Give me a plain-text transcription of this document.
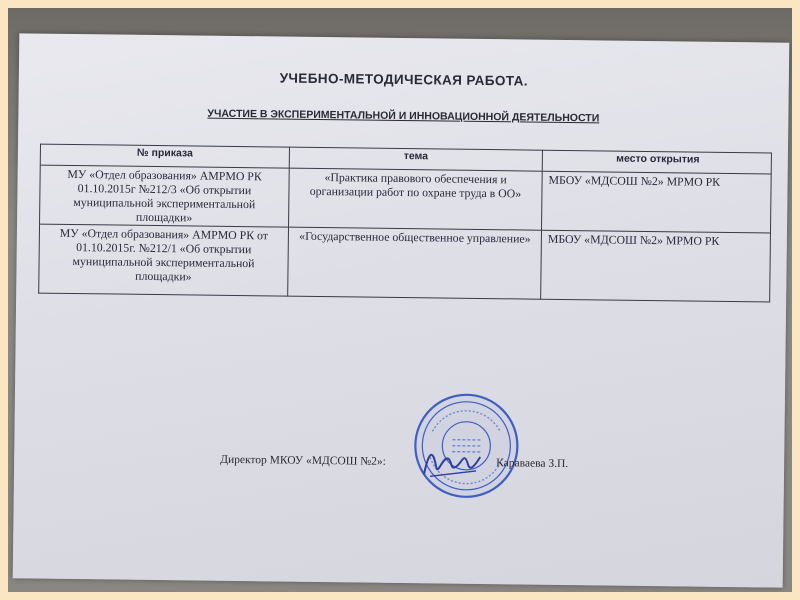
УЧЕБНО-МЕТОДИЧЕСКАЯ РАБОТА.
УЧАСТИЕ В ЭКСПЕРИМЕНТАЛЬНОЙ И ИННОВАЦИОННОЙ ДЕЯТЕЛЬНОСТИ
№ приказа	тема	место открытия
МУ «Отдел образования» АМРМО РК 01.10.2015г №212/3 «Об открытии муниципальной экспериментальной площадки»	«Практика правового обеспечения и организации работ по охране труда в ОО»	МБОУ «МДСОШ №2» МРМО РК
МУ «Отдел образования» АМРМО РК от 01.10.2015г. №212/1 «Об открытии муниципальной экспериментальной площадки»	«Государственное общественное управление»	МБОУ «МДСОШ №2» МРМО РК

Директор МКОУ «МДСОШ №2»:	Караваева З.П.
